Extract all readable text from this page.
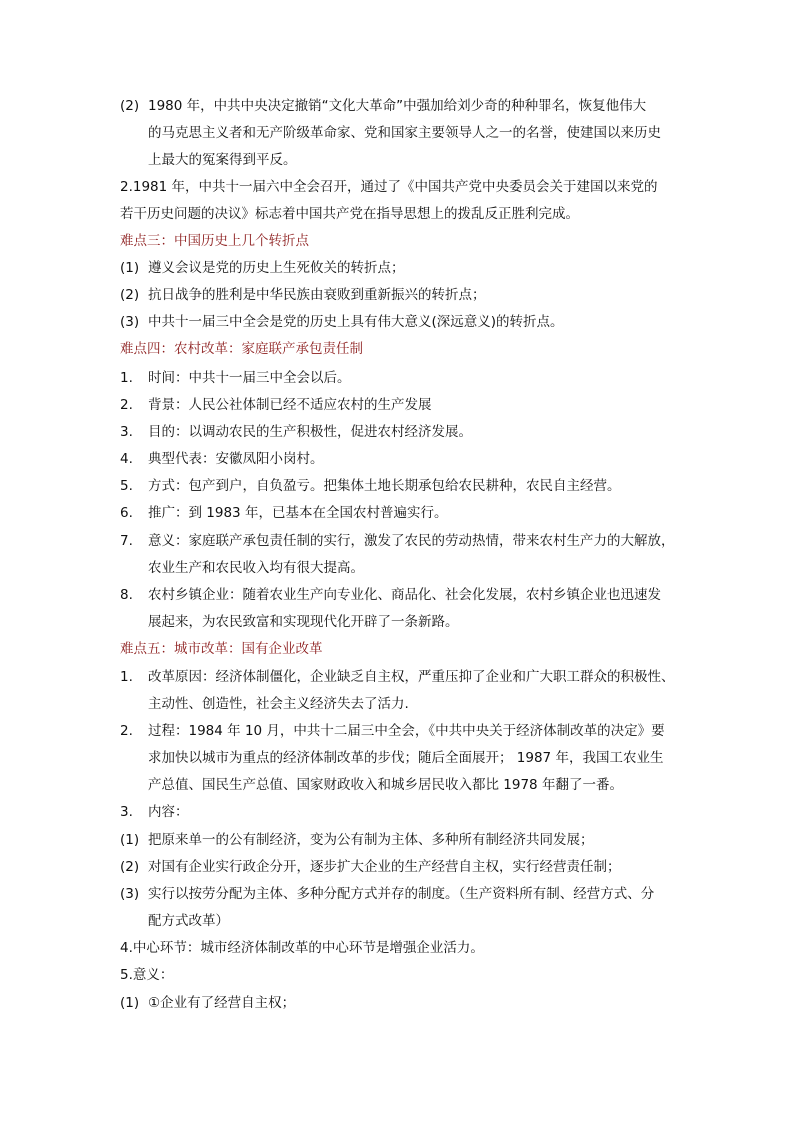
(2) 1980 年，中共中央决定撤销“文化大革命”中强加给刘少奇的种种罪名，恢复他伟大
的马克思主义者和无产阶级革命家、党和国家主要领导人之一的名誉，使建国以来历史
上最大的冤案得到平反。
2.1981 年，中共十一届六中全会召开，通过了《中国共产党中央委员会关于建国以来党的
若干历史问题的决议》标志着中国共产党在指导思想上的拨乱反正胜利完成。
难点三：中国历史上几个转折点
(1) 遵义会议是党的历史上生死攸关的转折点；
(2) 抗日战争的胜利是中华民族由衰败到重新振兴的转折点；
(3) 中共十一届三中全会是党的历史上具有伟大意义(深远意义)的转折点。
难点四：农村改革：家庭联产承包责任制
1.	时间：中共十一届三中全会以后。
2.	背景：人民公社体制已经不适应农村的生产发展
3.	目的：以调动农民的生产积极性，促进农村经济发展。
4.	典型代表：安徽凤阳小岗村。
5.	方式：包产到户，自负盈亏。把集体土地长期承包给农民耕种，农民自主经营。
6.	推广：到 1983 年，已基本在全国农村普遍实行。
7.	意义：家庭联产承包责任制的实行，激发了农民的劳动热情，带来农村生产力的大解放，
农业生产和农民收入均有很大提高。
8.	农村乡镇企业：随着农业生产向专业化、商品化、社会化发展，农村乡镇企业也迅速发
展起来，为农民致富和实现现代化开辟了一条新路。
难点五：城市改革：国有企业改革
1.	改革原因：经济体制僵化，企业缺乏自主权，严重压抑了企业和广大职工群众的积极性、
主动性、创造性，社会主义经济失去了活力.
2.	过程：1984 年 10 月，中共十二届三中全会，《中共中央关于经济体制改革的决定》要
求加快以城市为重点的经济体制改革的步伐；随后全面展开； 1987 年，我国工农业生
产总值、国民生产总值、国家财政收入和城乡居民收入都比 1978 年翻了一番。
3.	内容：
(1) 把原来单一的公有制经济，变为公有制为主体、多种所有制经济共同发展；
(2) 对国有企业实行政企分开，逐步扩大企业的生产经营自主权，实行经营责任制；
(3) 实行以按劳分配为主体、多种分配方式并存的制度。（生产资料所有制、经营方式、分
配方式改革）
4.中心环节：城市经济体制改革的中心环节是增强企业活力。
5.意义：
(1) ①企业有了经营自主权；
